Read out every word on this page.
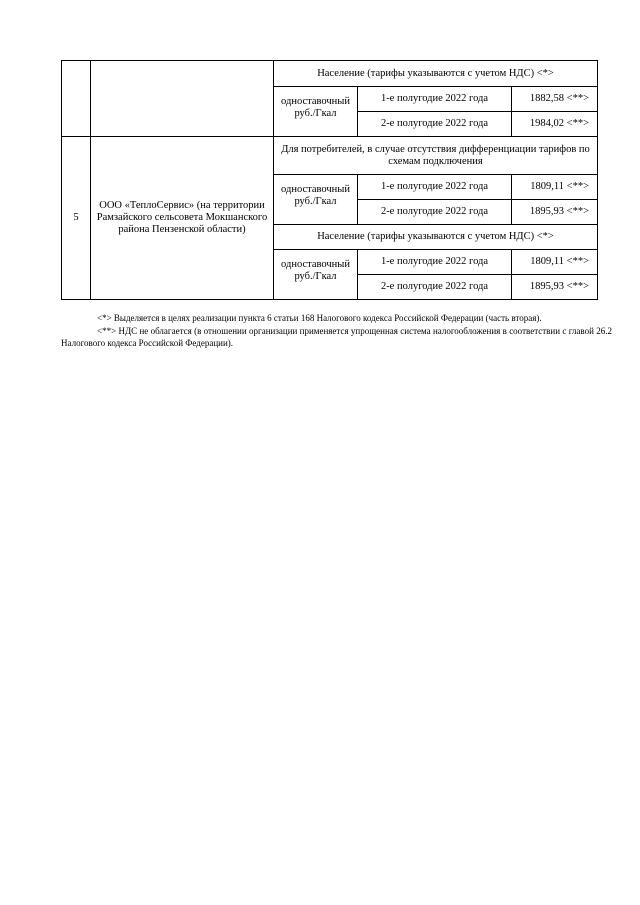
		Население (тарифы указываются с учетом НДС) <*>		
		одноставочный руб./Гкал	1-е полугодие 2022 года	1882,58 <**>
			2-е полугодие 2022 года	1984,02 <**>
5	ООО «ТеплоСервис» (на территории Рамзайского сельсовета Мокшанского района Пензенской области)	Для потребителей, в случае отсутствия дифференциации тарифов по схемам подключения		
		одноставочный руб./Гкал	1-е полугодие 2022 года	1809,11 <**>
			2-е полугодие 2022 года	1895,93 <**>
		Население (тарифы указываются с учетом НДС) <*>		
		одноставочный руб./Гкал	1-е полугодие 2022 года	1809,11 <**>
			2-е полугодие 2022 года	1895,93 <**>

<*> Выделяется в целях реализации пункта 6 статьи 168 Налогового кодекса Российской Федерации (часть вторая).

<**> НДС не облагается (в отношении организации применяется упрощенная система налогообложения в соответствии с главой 26.2 Налогового кодекса Российской Федерации).
